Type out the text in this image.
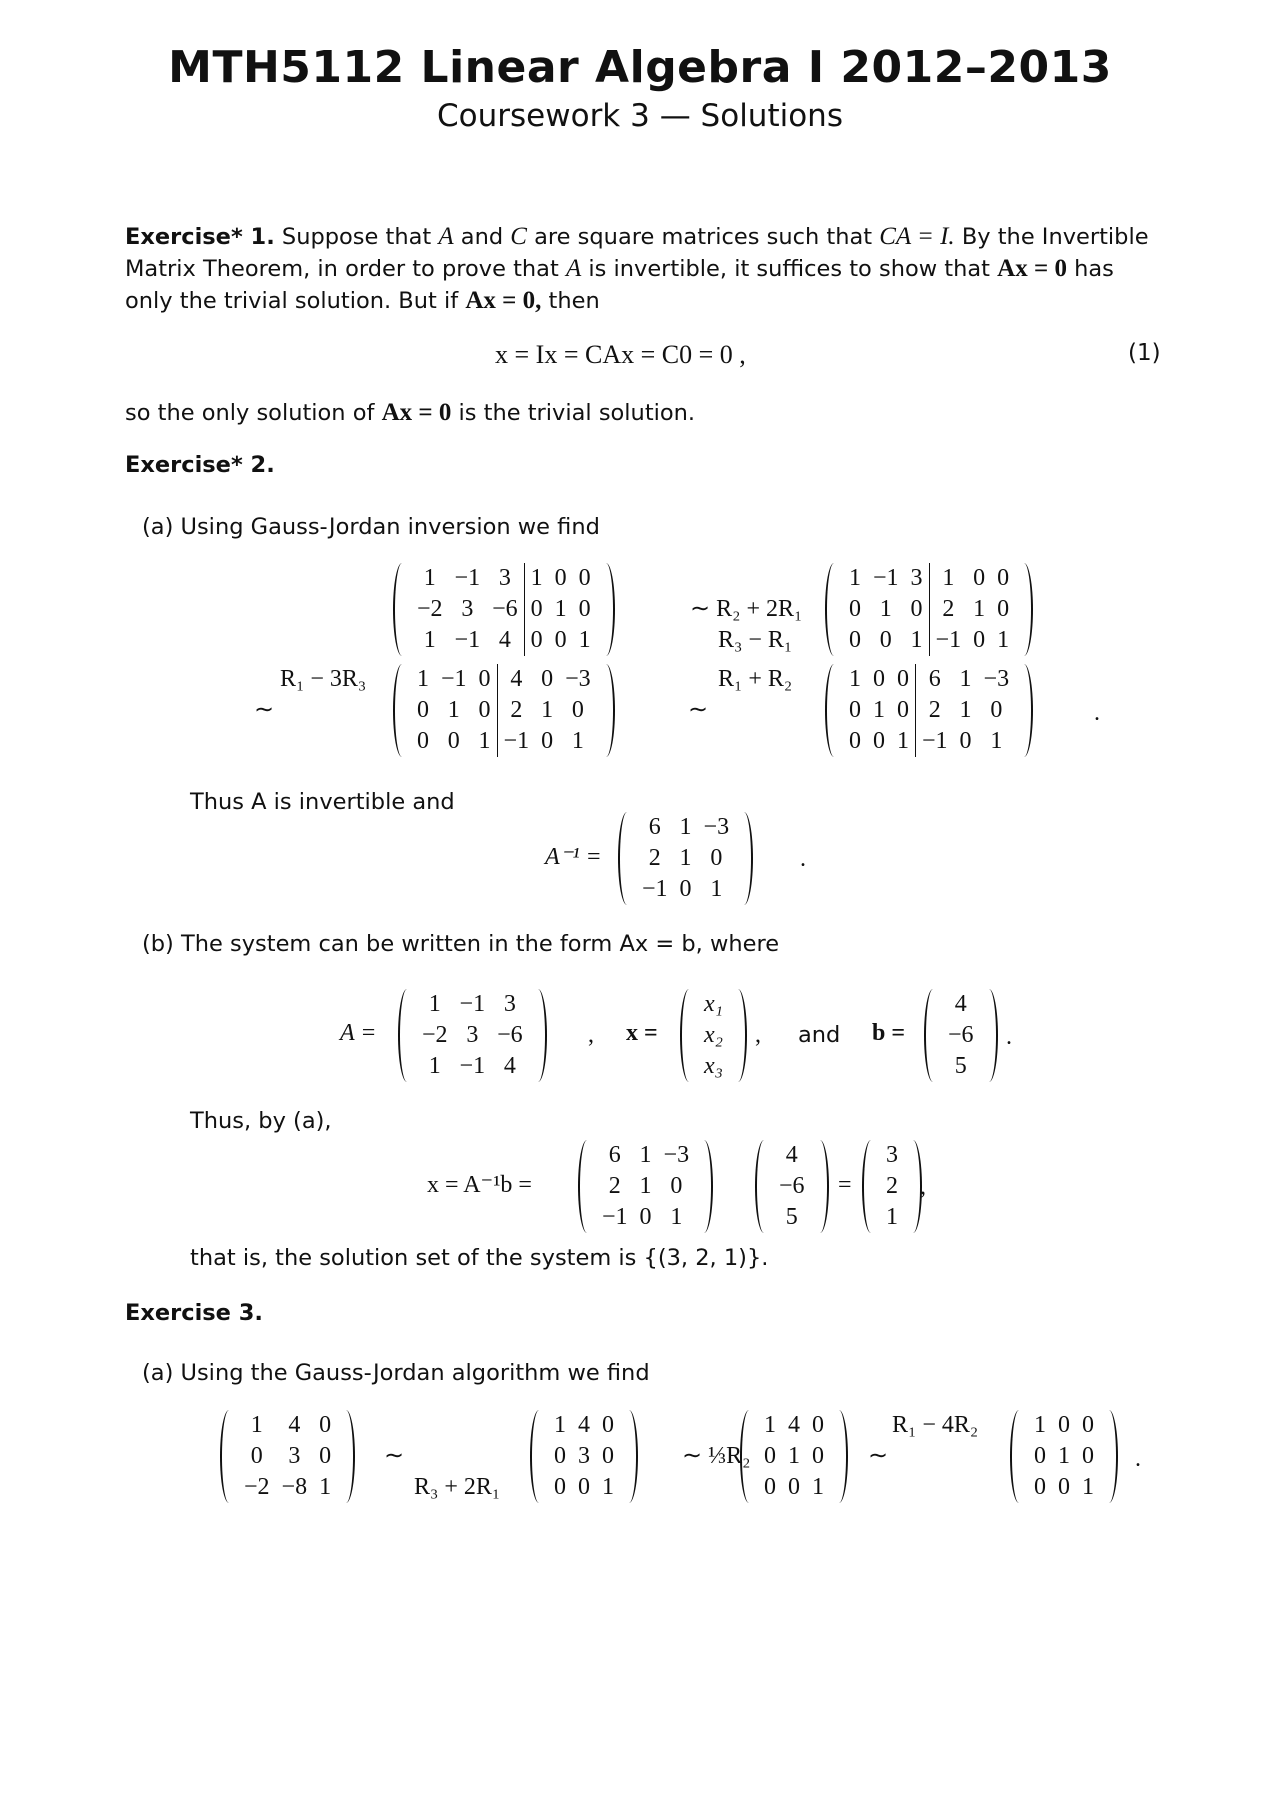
MTH5112 Linear Algebra I 2012–2013
Coursework 3 — Solutions
Exercise* 1. Suppose that A and C are square matrices such that CA = I. By the Invertible Matrix Theorem, in order to prove that A is invertible, it suffices to show that Ax = 0 has only the trivial solution. But if Ax = 0, then
x = Ix = CAx = C0 = 0 ,	(1)
so the only solution of Ax = 0 is the trivial solution.
Exercise* 2.
(a) Using Gauss-Jordan inversion we find
1	−1	3	1	0	0
−2	3	−6	0	1	0
1	−1	4	0	0	1
∼ R₂ + 2R₁
R₃ − R₁
1	−1	3	1	0	0
0	1	0	2	1	0
0	0	1	−1	0	1
R₁ − 3R₃
∼
1	−1	0	4	0	−3
0	1	0	2	1	0
0	0	1	−1	0	1
R₁ + R₂
∼
1	0	0	6	1	−3
0	1	0	2	1	0
0	0	1	−1	0	1
.
Thus A is invertible and
A⁻¹ =
6	1	−3
2	1	0
−1	0	1
.
(b) The system can be written in the form Ax = b, where
A =
1	−1	3
−2	3	−6
1	−1	4
, x =
x₁
x₂
x₃
, and b =
4
−6
5
.
Thus, by (a),
x = A⁻¹b =
6	1	−3
2	1	0
−1	0	1
4
−6
5
=
3
2
1
,
that is, the solution set of the system is {(3, 2, 1)}.
Exercise 3.
(a) Using the Gauss-Jordan algorithm we find
1	4	0
0	3	0
−2	−8	1
∼
R₃ + 2R₁
1	4	0
0	3	0
0	0	1
∼ ⅓R₂
1	4	0
0	1	0
0	0	1
R₁ − 4R₂
∼
1	0	0
0	1	0
0	0	1
.
